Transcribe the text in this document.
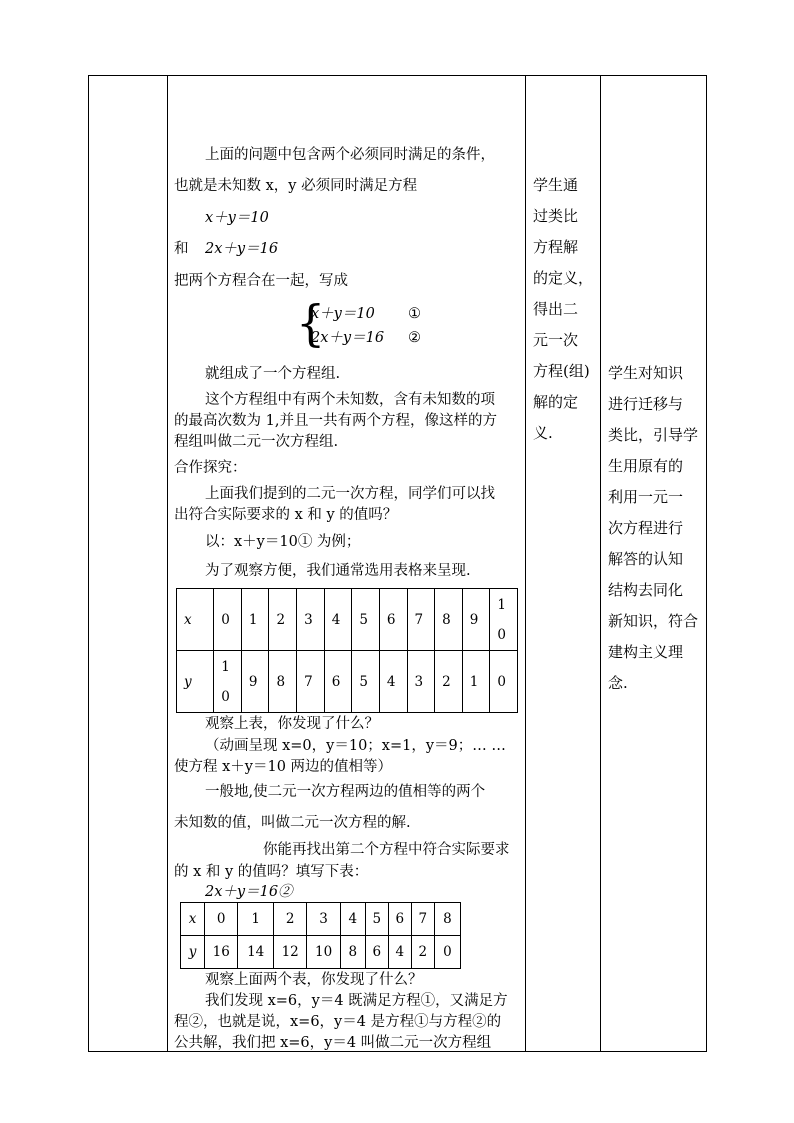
上面的问题中包含两个必须同时满足的条件，
也就是未知数 x，y 必须同时满足方程
x＋y＝10
和 2x＋y＝16
把两个方程合在一起，写成
{
x＋y＝10 ①
2x＋y＝16 ②
就组成了一个方程组.
这个方程组中有两个未知数，含有未知数的项
的最高次数为 1,并且一共有两个方程，像这样的方
程组叫做二元一次方程组.
合作探究：
上面我们提到的二元一次方程，同学们可以找
出符合实际要求的 x 和 y 的值吗？
以：x＋y＝10① 为例；
为了观察方便，我们通常选用表格来呈现.
x	0	1	2	3	4	5	6	7	8	9	1
0

y	1
0	9	8	7	6	5	4	3	2	1	0
观察上表，你发现了什么？
（动画呈现 x=0，y＝10；x=1，y＝9；… …
使方程 x＋y＝10 两边的值相等）
一般地,使二元一次方程两边的值相等的两个
未知数的值，叫做二元一次方程的解.
你能再找出第二个方程中符合实际要求
的 x 和 y 的值吗？填写下表：
2x＋y＝16②
x	0	1	2	3	4	5	6	7	8
y	16	14	12	10	8	6	4	2	0
观察上面两个表，你发现了什么？
我们发现 x=6，y＝4 既满足方程①，又满足方
程②，也就是说，x=6，y＝4 是方程①与方程②的
公共解，我们把 x=6，y＝4 叫做二元一次方程组
学生通
过类比
方程解
的定义，
得出二
元一次
方程(组)
解的定
义.
学生对知识
进行迁移与
类比，引导学
生用原有的
利用一元一
次方程进行
解答的认知
结构去同化
新知识，符合
建构主义理
念.
